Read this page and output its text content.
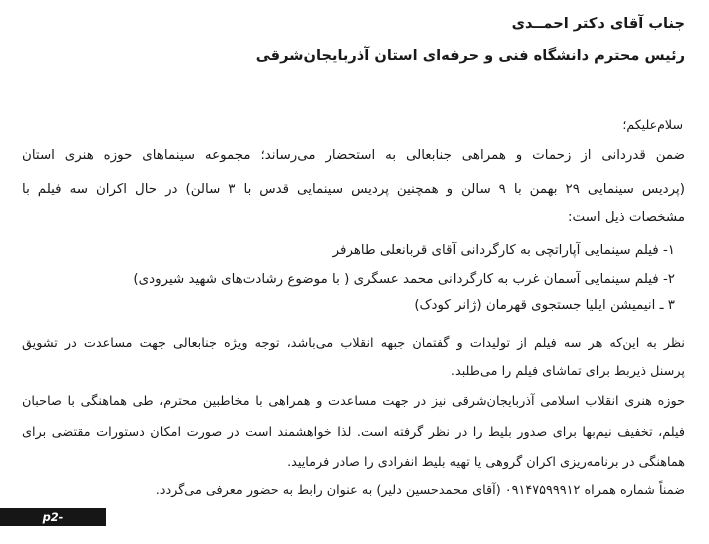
جناب آقای دکتر احمــدی
رئیس محترم دانشگاه فنی و حرفه‌ای استان آذربایجان‌شرقی
سلام‌علیکم؛
ضمن قدردانی از زحمات و همراهی جنابعالی به استحضار می‌رساند؛ مجموعه سینماهای حوزه هنری استان
(پردیس سینمایی ۲۹ بهمن با ۹ سالن و همچنین پردیس سینمایی قدس با ۳ سالن) در حال اکران سه فیلم با
مشخصات ذیل است:
۱- فیلم سینمایی آپاراتچی به کارگردانی آقای قربانعلی طاهرفر
۲- فیلم سینمایی آسمان غرب به کارگردانی محمد عسگری ( با موضوع رشادت‌های شهید شیرودی)
۳ ـ انیمیشن ایلیا جستجوی قهرمان (ژانر کودک)
نظر به این‌که هر سه فیلم از تولیدات و گفتمان جبهه انقلاب می‌باشد، توجه ویژه جنابعالی جهت مساعدت در تشویق
پرسنل ذیربط برای تماشای فیلم را می‌طلبد.
حوزه هنری انقلاب اسلامی آذربایجان‌شرقی نیز در جهت مساعدت و همراهی با مخاطبین محترم، طی هماهنگی با صاحبان
فیلم، تخفیف نیم‌بها برای صدور بلیط را در نظر گرفته است. لذا خواهشمند است در صورت امکان دستورات مقتضی برای
هماهنگی در برنامه‌ریزی اکران گروهی یا تهیه بلیط انفرادی را صادر فرمایید.
ضمناً شماره همراه ۰۹۱۴۷۵۹۹۹۱۲ (آقای محمدحسین دلیر) به عنوان رابط به حضور معرفی می‌گردد.
p2-tabriz.tvu.ac.ir
